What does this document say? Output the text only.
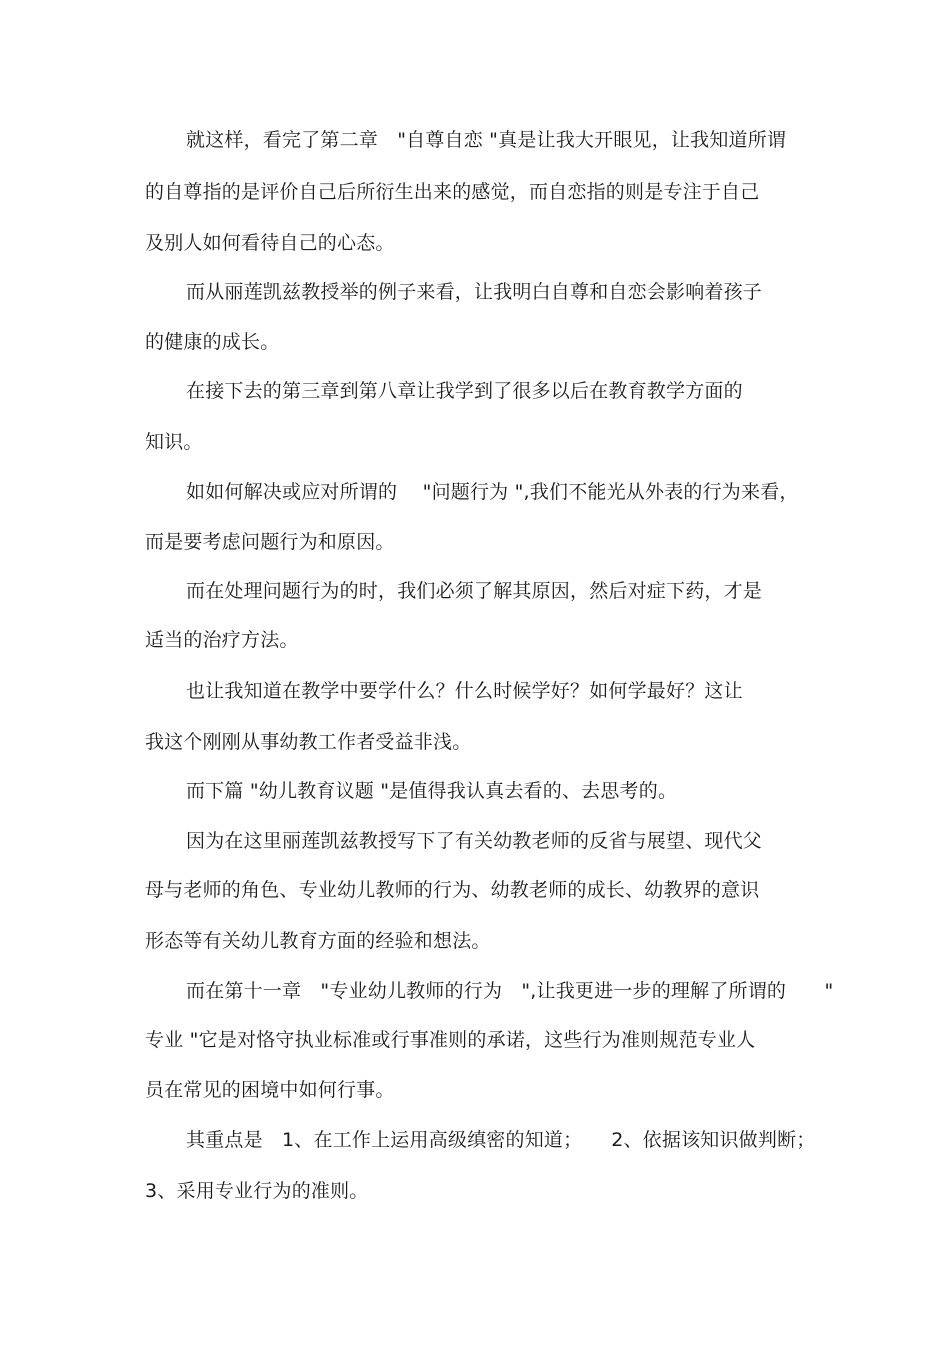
就这样，看完了第二章　"自尊自恋 "真是让我大开眼见，让我知道所谓
的自尊指的是评价自己后所衍生出来的感觉，而自恋指的则是专注于自己
及别人如何看待自己的心态。
而从丽莲凯兹教授举的例子来看，让我明白自尊和自恋会影响着孩子
的健康的成长。
在接下去的第三章到第八章让我学到了很多以后在教育教学方面的
知识。
如如何解决或应对所谓的　 "问题行为 ",我们不能光从外表的行为来看，
而是要考虑问题行为和原因。
而在处理问题行为的时，我们必须了解其原因，然后对症下药，才是
适当的治疗方法。
也让我知道在教学中要学什么？什么时候学好？如何学最好？这让
我这个刚刚从事幼教工作者受益非浅。
而下篇 "幼儿教育议题 "是值得我认真去看的、去思考的。
因为在这里丽莲凯兹教授写下了有关幼教老师的反省与展望、现代父
母与老师的角色、专业幼儿教师的行为、幼教老师的成长、幼教界的意识
形态等有关幼儿教育方面的经验和想法。
而在第十一章　"专业幼儿教师的行为　",让我更进一步的理解了所谓的　　"
专业 "它是对恪守执业标准或行事准则的承诺，这些行为准则规范专业人
员在常见的困境中如何行事。
其重点是　1、在工作上运用高级缜密的知道；　　2、依据该知识做判断；
3、采用专业行为的准则。
